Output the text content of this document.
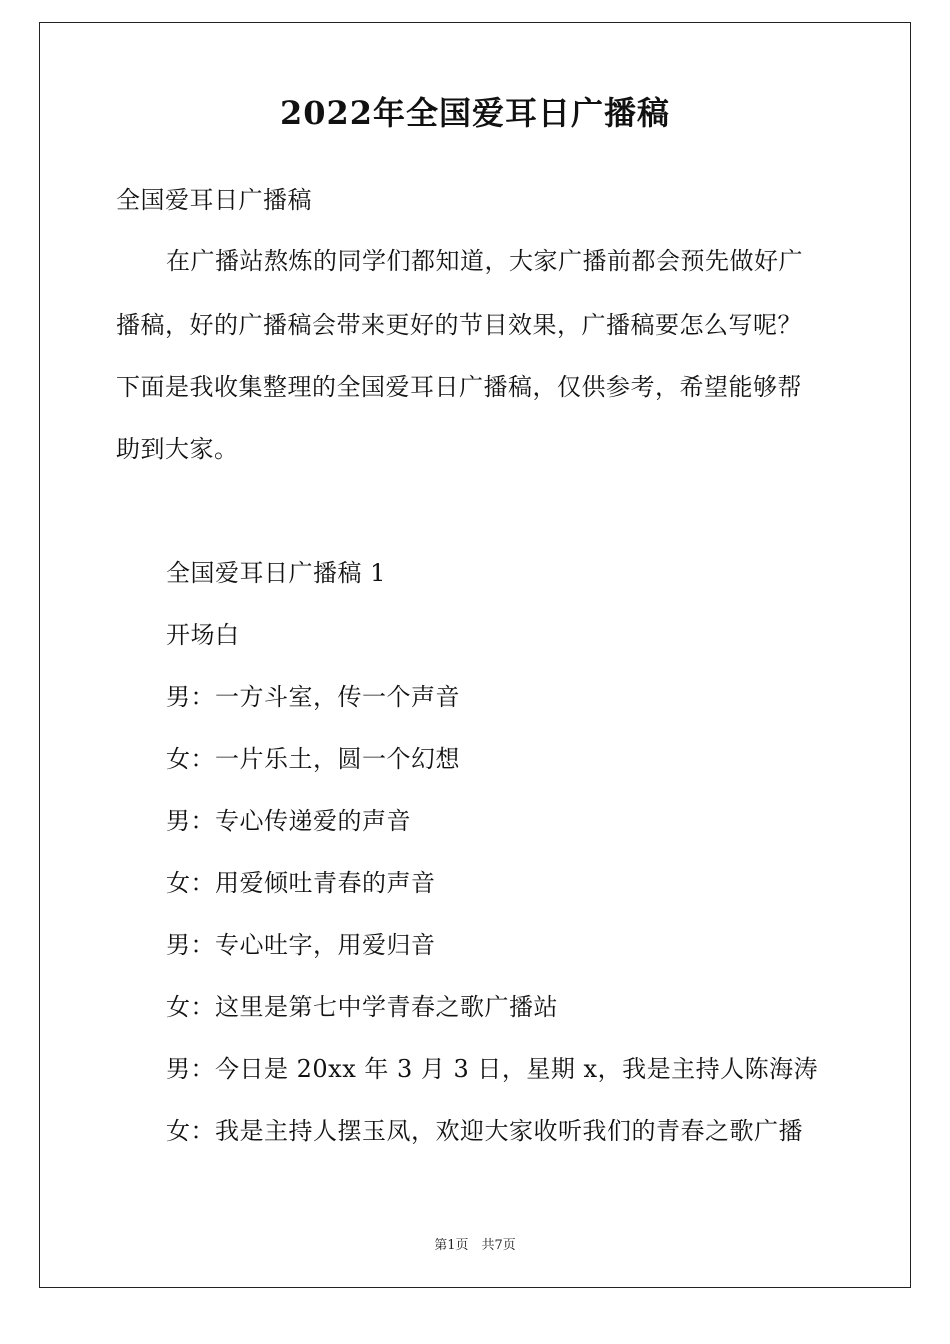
2022年全国爱耳日广播稿
全国爱耳日广播稿
在广播站熬炼的同学们都知道，大家广播前都会预先做好广
播稿，好的广播稿会带来更好的节目效果，广播稿要怎么写呢？
下面是我收集整理的全国爱耳日广播稿，仅供参考，希望能够帮
助到大家。
全国爱耳日广播稿 1
开场白
男：一方斗室，传一个声音
女：一片乐土，圆一个幻想
男：专心传递爱的声音
女：用爱倾吐青春的声音
男：专心吐字，用爱归音
女：这里是第七中学青春之歌广播站
男：今日是 20xx 年 3 月 3 日，星期 x，我是主持人陈海涛
女：我是主持人摆玉凤，欢迎大家收听我们的青春之歌广播
第1页　共7页
